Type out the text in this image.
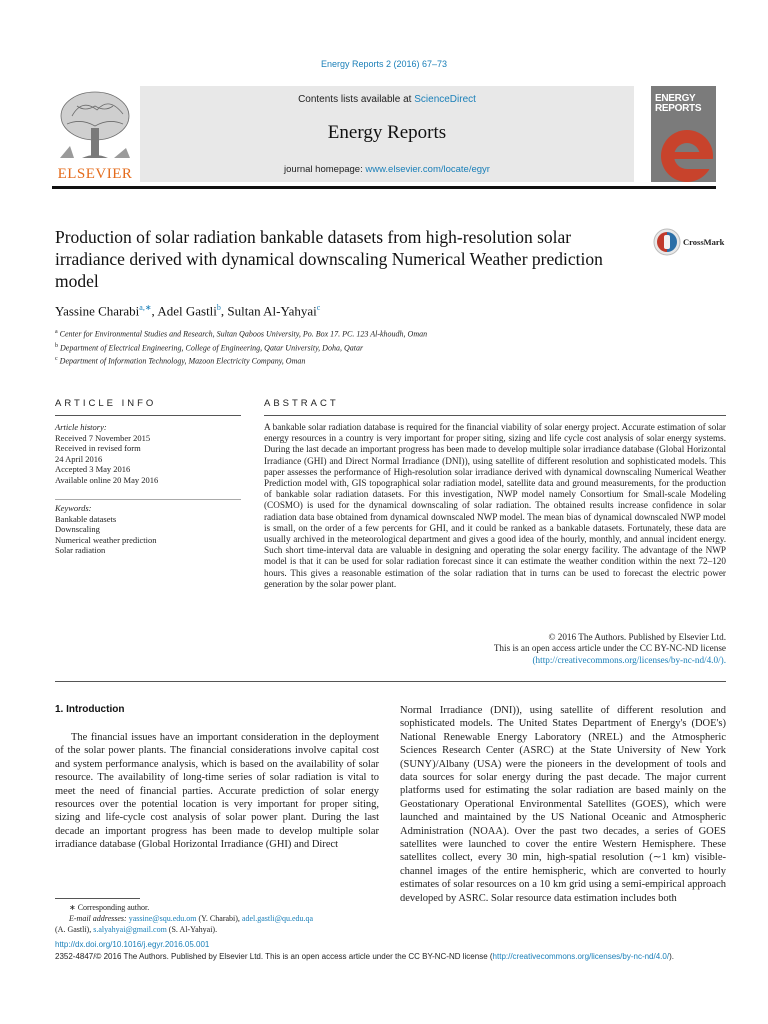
Energy Reports 2 (2016) 67–73
ELSEVIER
Contents lists available at ScienceDirect
Energy Reports
journal homepage: www.elsevier.com/locate/egyr
ENERGY
REPORTS
Production of solar radiation bankable datasets from high-resolution solar irradiance derived with dynamical downscaling Numerical Weather prediction model
CrossMark
Yassine Charabi$^{a,∗}$, Adel Gastli$^b$, Sultan Al-Yahyai$^c$
$^a$ Center for Environmental Studies and Research, Sultan Qaboos University, Po. Box 17. PC. 123 Al-khoudh, Oman
$^b$ Department of Electrical Engineering, College of Engineering, Qatar University, Doha, Qatar
$^c$ Department of Information Technology, Mazoon Electricity Company, Oman
ARTICLE INFO
Article history:
Received 7 November 2015
Received in revised form
24 April 2016
Accepted 3 May 2016
Available online 20 May 2016
Keywords:
Bankable datasets
Downscaling
Numerical weather prediction
Solar radiation
ABSTRACT
A bankable solar radiation database is required for the financial viability of solar energy project. Accurate estimation of solar energy resources in a country is very important for proper siting, sizing and life cycle cost analysis of solar energy systems. During the last decade an important progress has been made to develop multiple solar irradiance database (Global Horizontal Irradiance (GHI) and Direct Normal Irradiance (DNI)), using satellite of different resolution and sophisticated models. This paper assesses the performance of High-resolution solar irradiance derived with dynamical downscaling Numerical Weather Prediction model with, GIS topographical solar radiation model, satellite data and ground measurements, for the production of bankable solar radiation datasets. For this investigation, NWP model namely Consortium for Small-scale Modeling (COSMO) is used for the dynamical downscaling of solar radiation. The obtained results increase confidence in solar radiation data base obtained from dynamical downscaled NWP model. The mean bias of dynamical downscaled NWP model is small, on the order of a few percents for GHI, and it could be ranked as a bankable datasets. Fortunately, these data are usually archived in the meteorological department and gives a good idea of the hourly, monthly, and annual incident energy. Such short time-interval data are valuable in designing and operating the solar energy facility. The advantage of the NWP model is that it can be used for solar radiation forecast since it can estimate the weather condition within the next 72–120 hours. This gives a reasonable estimation of the solar radiation that in turns can be used to forecast the electric power generation by the solar power plant.
© 2016 The Authors. Published by Elsevier Ltd.
This is an open access article under the CC BY-NC-ND license
(http://creativecommons.org/licenses/by-nc-nd/4.0/).
1. Introduction
The financial issues have an important consideration in the deployment of the solar power plants. The financial considerations involve capital cost and system performance analysis, which is based on the availability of solar resource. The availability of long-time series of solar radiation is vital to meet the need of financial parties. Accurate prediction of solar energy resources over the potential location is very important for proper siting, sizing and life-cycle cost analysis of solar power plant. During the last decade an important progress has been made to develop multiple solar irradiance database (Global Horizontal Irradiance (GHI) and Direct
Normal Irradiance (DNI)), using satellite of different resolution and sophisticated models. The United States Department of Energy's (DOE's) National Renewable Energy Laboratory (NREL) and the Atmospheric Sciences Research Center (ASRC) at the State University of New York (SUNY)/Albany (USA) were the pioneers in the development of tools and data sources for solar energy during the past decade. The major current platforms used for estimating the solar radiation are based mainly on the Geostationary Operational Environmental Satellites (GOES), which were launched and maintained by the US National Oceanic and Atmospheric Administration (NOAA). Over the past two decades, a series of GOES satellites were launched to cover the entire Western Hemisphere. These satellites collect, every 30 min, high-spatial resolution (∼1 km) visible-channel images of the entire hemispheric, which are converted to hourly estimates of solar resources on a 10 km grid using a semi-empirical approach developed by ASRC. Solar resource data estimation includes both
∗ Corresponding author.
E-mail addresses: yassine@squ.edu.om (Y. Charabi), adel.gastli@qu.edu.qa
(A. Gastli), s.alyahyai@gmail.com (S. Al-Yahyai).
http://dx.doi.org/10.1016/j.egyr.2016.05.001
2352-4847/© 2016 The Authors. Published by Elsevier Ltd. This is an open access article under the CC BY-NC-ND license (http://creativecommons.org/licenses/by-nc-nd/4.0/).
